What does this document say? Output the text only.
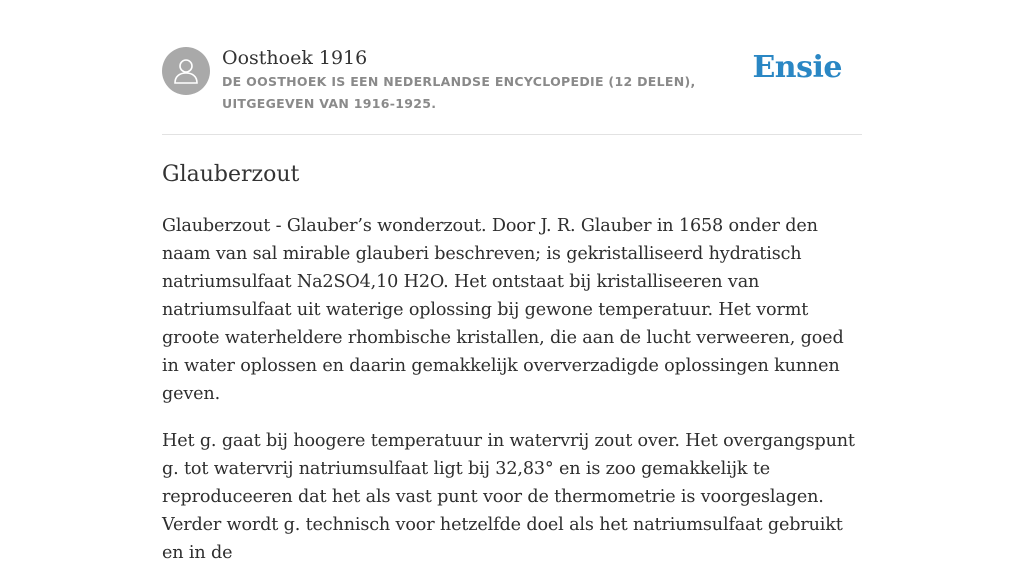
Oosthoek 1916
DE OOSTHOEK IS EEN NEDERLANDSE ENCYCLOPEDIE (12 DELEN), UITGEGEVEN VAN 1916-1925.
Ensie
Glauberzout

Glauberzout - Glauber’s wonderzout. Door J. R. Glauber in 1658 onder den naam van sal mirable glauberi beschreven; is gekristalliseerd hydratisch natriumsulfaat Na2SO4,10 H2O. Het ontstaat bij kristalliseeren van natriumsulfaat uit waterige oplossing bij gewone temperatuur. Het vormt groote waterheldere rhombische kristallen, die aan de lucht verweeren, goed in water oplossen en daarin gemakkelijk oververzadigde oplossingen kunnen geven.

Het g. gaat bij hoogere temperatuur in watervrij zout over. Het overgangspunt g. tot watervrij natriumsulfaat ligt bij 32,83° en is zoo gemakkelijk te reproduceeren dat het als vast punt voor de thermometrie is voorgeslagen. Verder wordt g. technisch voor hetzelfde doel als het natriumsulfaat gebruikt en in de
